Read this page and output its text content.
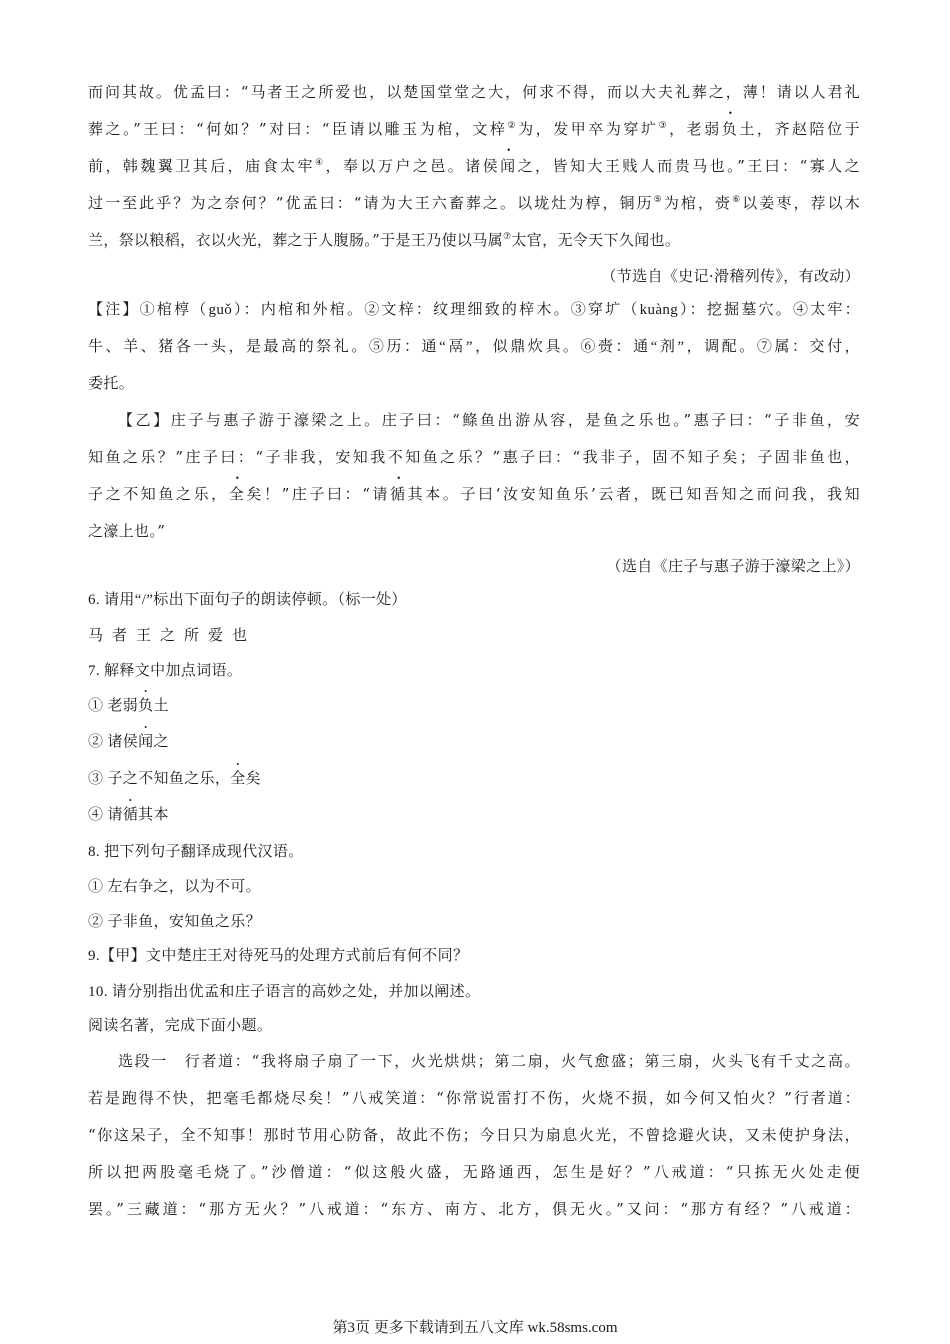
而问其故。优孟曰：“马者王之所爱也，以楚国堂堂之大，何求不得，而以大夫礼葬之，薄！请以人君礼
葬之。”王曰：“何如？”对曰：“臣请以雕玉为棺，文梓②为，发甲卒为穿圹③，老弱负土，齐赵陪位于
前，韩魏翼卫其后，庙食太牢④，奉以万户之邑。诸侯闻之，皆知大王贱人而贵马也。”王曰：“寡人之
过一至此乎？为之奈何？”优孟曰：“请为大王六畜葬之。以垅灶为椁，铜历⑤为棺，赍⑥以姜枣，荐以木
兰，祭以粮稻，衣以火光，葬之于人腹肠。”于是王乃使以马属⑦太官，无令天下久闻也。
（节选自《史记·滑稽列传》，有改动）
【注】①棺椁（guǒ）：内棺和外棺。②文梓：纹理细致的梓木。③穿圹（kuàng）：挖掘墓穴。④太牢：
牛、羊、猪各一头，是最高的祭礼。⑤历：通“鬲”，似鼎炊具。⑥赍：通“剂”，调配。⑦属：交付，
委托。
【乙】庄子与惠子游于濠梁之上。庄子曰：“鲦鱼出游从容，是鱼之乐也。”惠子曰：“子非鱼，安
知鱼之乐？”庄子曰：“子非我，安知我不知鱼之乐？”惠子曰：“我非子，固不知子矣；子固非鱼也，
子之不知鱼之乐，全矣！”庄子曰：“请循其本。子曰‘汝安知鱼乐’云者，既已知吾知之而问我，我知
之濠上也。”
（选自《庄子与惠子游于濠梁之上》）
6. 请用“/”标出下面句子的朗读停顿。（标一处）
马者王之所爱也
7. 解释文中加点词语。
① 老弱负土
② 诸侯闻之
③ 子之不知鱼之乐，全矣
④ 请循其本
8. 把下列句子翻译成现代汉语。
① 左右争之，以为不可。
② 子非鱼，安知鱼之乐？
9.【甲】文中楚庄王对待死马的处理方式前后有何不同？
10. 请分别指出优孟和庄子语言的高妙之处，并加以阐述。
阅读名著，完成下面小题。
选段一　行者道：“我将扇子扇了一下，火光烘烘；第二扇，火气愈盛；第三扇，火头飞有千丈之高。
若是跑得不快，把毫毛都烧尽矣！”八戒笑道：“你常说雷打不伤，火烧不损，如今何又怕火？”行者道：
“你这呆子，全不知事！那时节用心防备，故此不伤；今日只为扇息火光，不曾捻避火诀，又未使护身法，
所以把两股毫毛烧了。”沙僧道：“似这般火盛，无路通西，怎生是好？”八戒道：“只拣无火处走便
罢。”三藏道：“那方无火？”八戒道：“东方、南方、北方，俱无火。”又问：“那方有经？”八戒道：
第3页 更多下载请到五八文库 wk.58sms.com
